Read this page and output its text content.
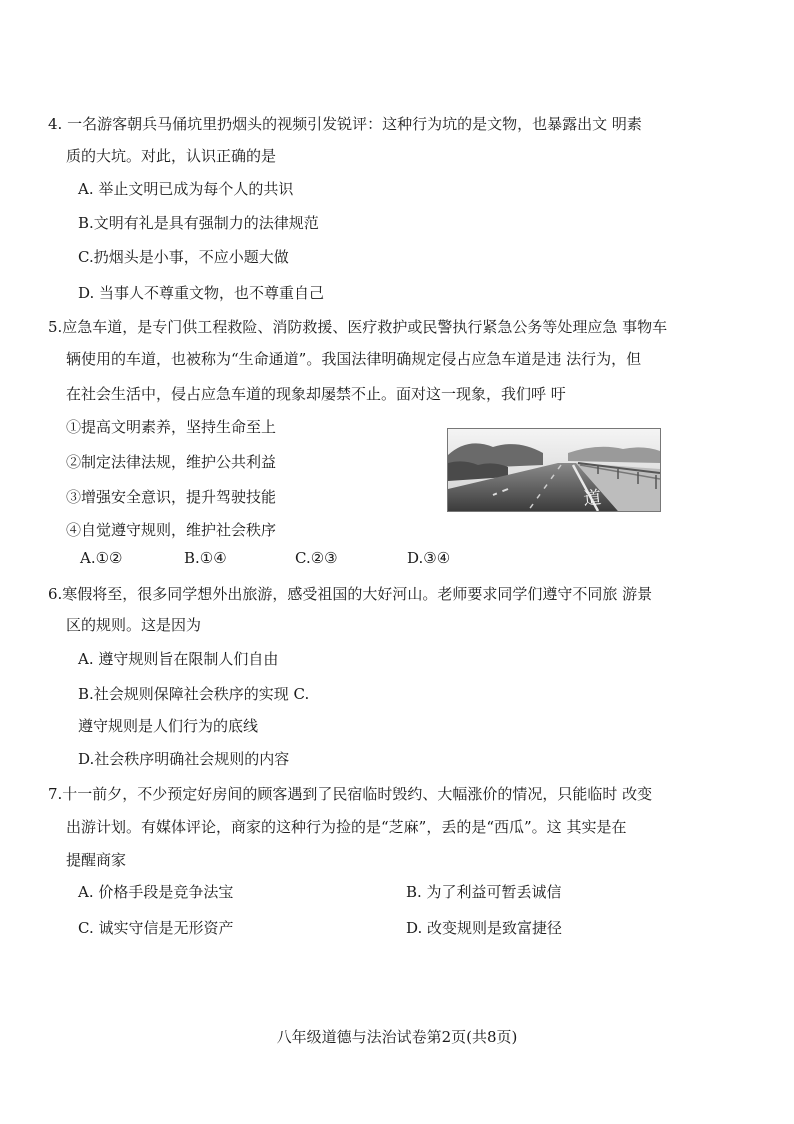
4. 一名游客朝兵马俑坑里扔烟头的视频引发锐评：这种行为坑的是文物，也暴露出文 明素
质的大坑。对此，认识正确的是
A. 举止文明已成为每个人的共识
B.文明有礼是具有强制力的法律规范
C.扔烟头是小事，不应小题大做
D. 当事人不尊重文物，也不尊重自己
5.应急车道，是专门供工程救险、消防救援、医疗救护或民警执行紧急公务等处理应急 事物车
辆使用的车道，也被称为“生命通道”。我国法律明确规定侵占应急车道是违 法行为，但
在社会生活中，侵占应急车道的现象却屡禁不止。面对这一现象，我们呼 吁
①提高文明素养，坚持生命至上
②制定法律法规，维护公共利益
③增强安全意识，提升驾驶技能
④自觉遵守规则，维护社会秩序
A.①②	B.①④	C.②③	D.③④
道
6.寒假将至，很多同学想外出旅游，感受祖国的大好河山。老师要求同学们遵守不同旅 游景
区的规则。这是因为
A. 遵守规则旨在限制人们自由
B.社会规则保障社会秩序的实现 C.
遵守规则是人们行为的底线
D.社会秩序明确社会规则的内容
7.十一前夕，不少预定好房间的顾客遇到了民宿临时毁约、大幅涨价的情况，只能临时 改变
出游计划。有媒体评论，商家的这种行为捡的是“芝麻”，丢的是“西瓜”。这 其实是在
提醒商家
A. 价格手段是竞争法宝	B. 为了利益可暂丢诚信
C. 诚实守信是无形资产	D. 改变规则是致富捷径
八年级道德与法治试卷第2页(共8页)
